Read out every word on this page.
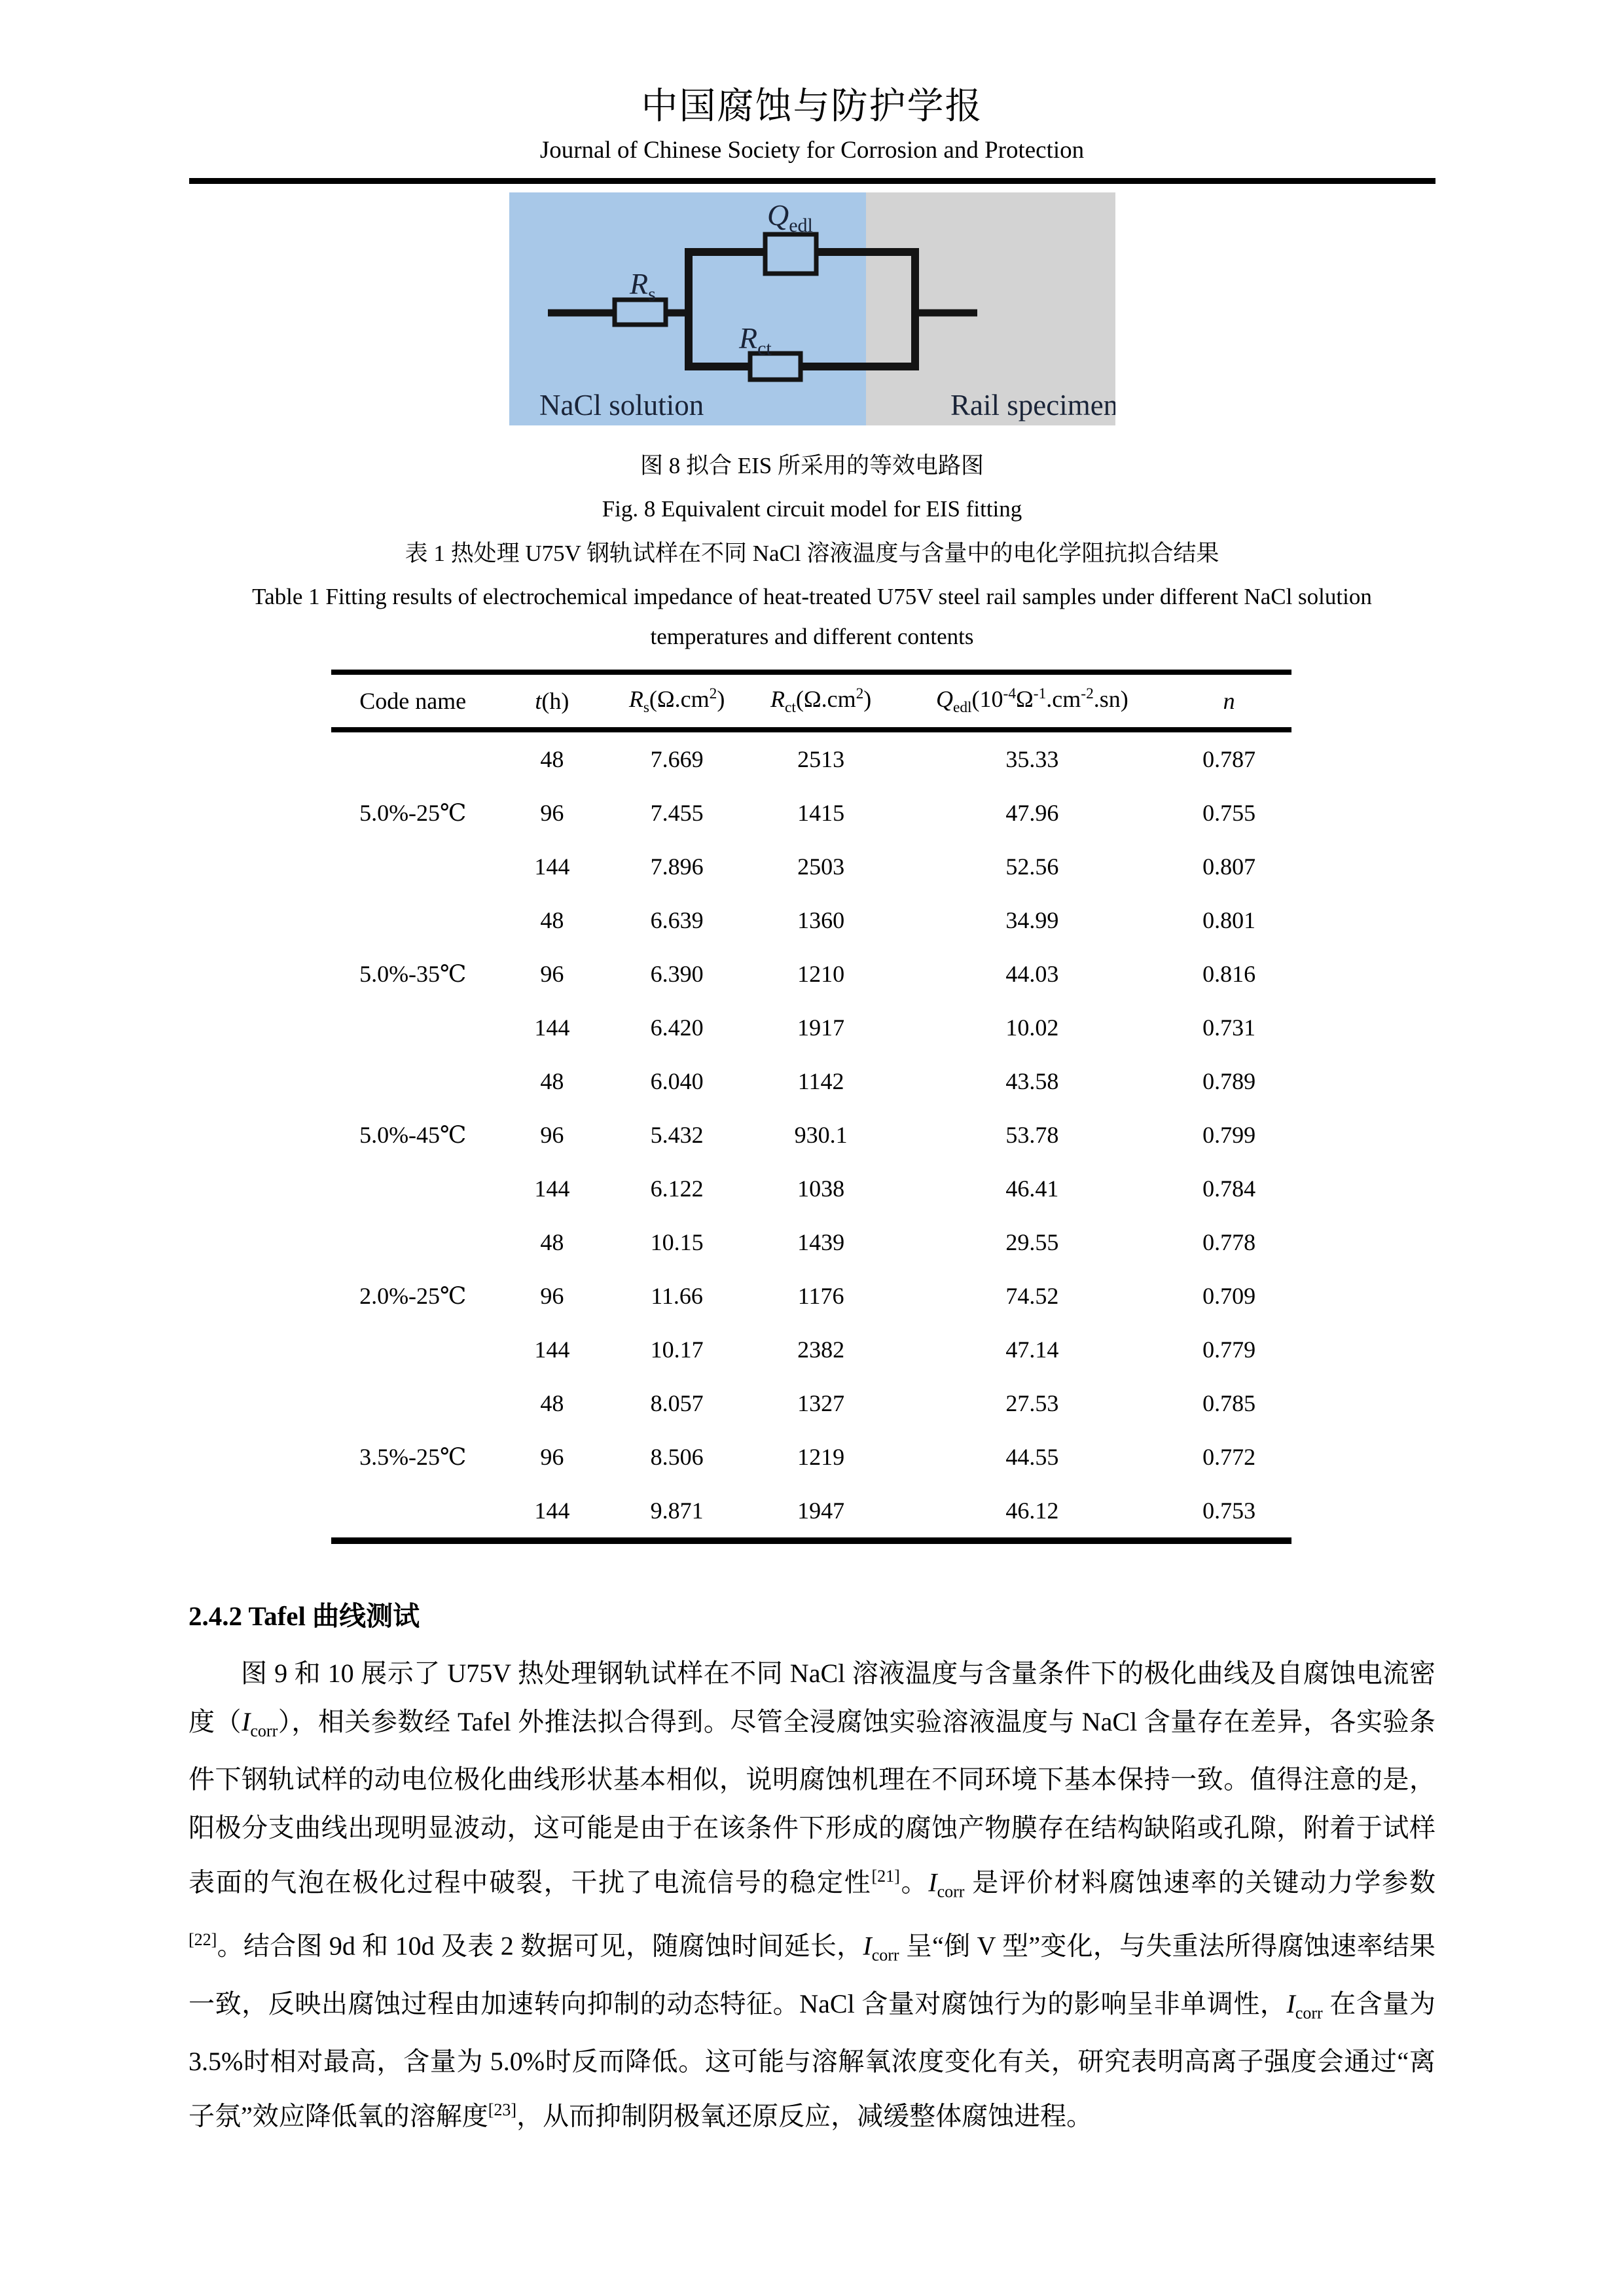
中国腐蚀与防护学报
Journal of Chinese Society for Corrosion and Protection
$R_s$
$Q_{edl}$
$R_{ct}$
NaCl solution	Rail specimen
图 8 拟合 EIS 所采用的等效电路图
Fig. 8 Equivalent circuit model for EIS fitting
表 1 热处理 U75V 钢轨试样在不同 NaCl 溶液温度与含量中的电化学阻抗拟合结果
Table 1 Fitting results of electrochemical impedance of heat-treated U75V steel rail samples under different NaCl solution
temperatures and different contents
Code name	t(h)	$R_s(\Omega.cm^2)$	$R_{ct}(\Omega.cm^2)$	$Q_{edl}(10^{-4}\Omega^{-1}.cm^{-2}.sn)$	n
5.0%-25℃	48	7.669	2513	35.33	0.787
	96	7.455	1415	47.96	0.755
	144	7.896	2503	52.56	0.807
5.0%-35℃	48	6.639	1360	34.99	0.801
	96	6.390	1210	44.03	0.816
	144	6.420	1917	10.02	0.731
5.0%-45℃	48	6.040	1142	43.58	0.789
	96	5.432	930.1	53.78	0.799
	144	6.122	1038	46.41	0.784
2.0%-25℃	48	10.15	1439	29.55	0.778
	96	11.66	1176	74.52	0.709
	144	10.17	2382	47.14	0.779
3.5%-25℃	48	8.057	1327	27.53	0.785
	96	8.506	1219	44.55	0.772
	144	9.871	1947	46.12	0.753
2.4.2 Tafel 曲线测试
图 9 和 10 展示了 U75V 热处理钢轨试样在不同 NaCl 溶液温度与含量条件下的极化曲线及自腐蚀电流密度$(I_{corr})$，相关参数经 Tafel 外推法拟合得到。尽管全浸腐蚀实验溶液温度与 NaCl 含量存在差异，各实验条件下钢轨试样的动电位极化曲线形状基本相似，说明腐蚀机理在不同环境下基本保持一致。值得注意的是，阳极分支曲线出现明显波动，这可能是由于在该条件下形成的腐蚀产物膜存在结构缺陷或孔隙，附着于试样表面的气泡在极化过程中破裂，干扰了电流信号的稳定性[21]。$I_{corr}$ 是评价材料腐蚀速率的关键动力学参数[22]。结合图 9d 和 10d 及表 2 数据可见，随腐蚀时间延长，$I_{corr}$ 呈“倒 V 型”变化，与失重法所得腐蚀速率结果一致，反映出腐蚀过程由加速转向抑制的动态特征。NaCl 含量对腐蚀行为的影响呈非单调性，$I_{corr}$ 在含量为 3.5%时相对最高，含量为 5.0%时反而降低。这可能与溶解氧浓度变化有关，研究表明高离子强度会通过“离子氛”效应降低氧的溶解度[23]，从而抑制阴极氧还原反应，减缓整体腐蚀进程。
